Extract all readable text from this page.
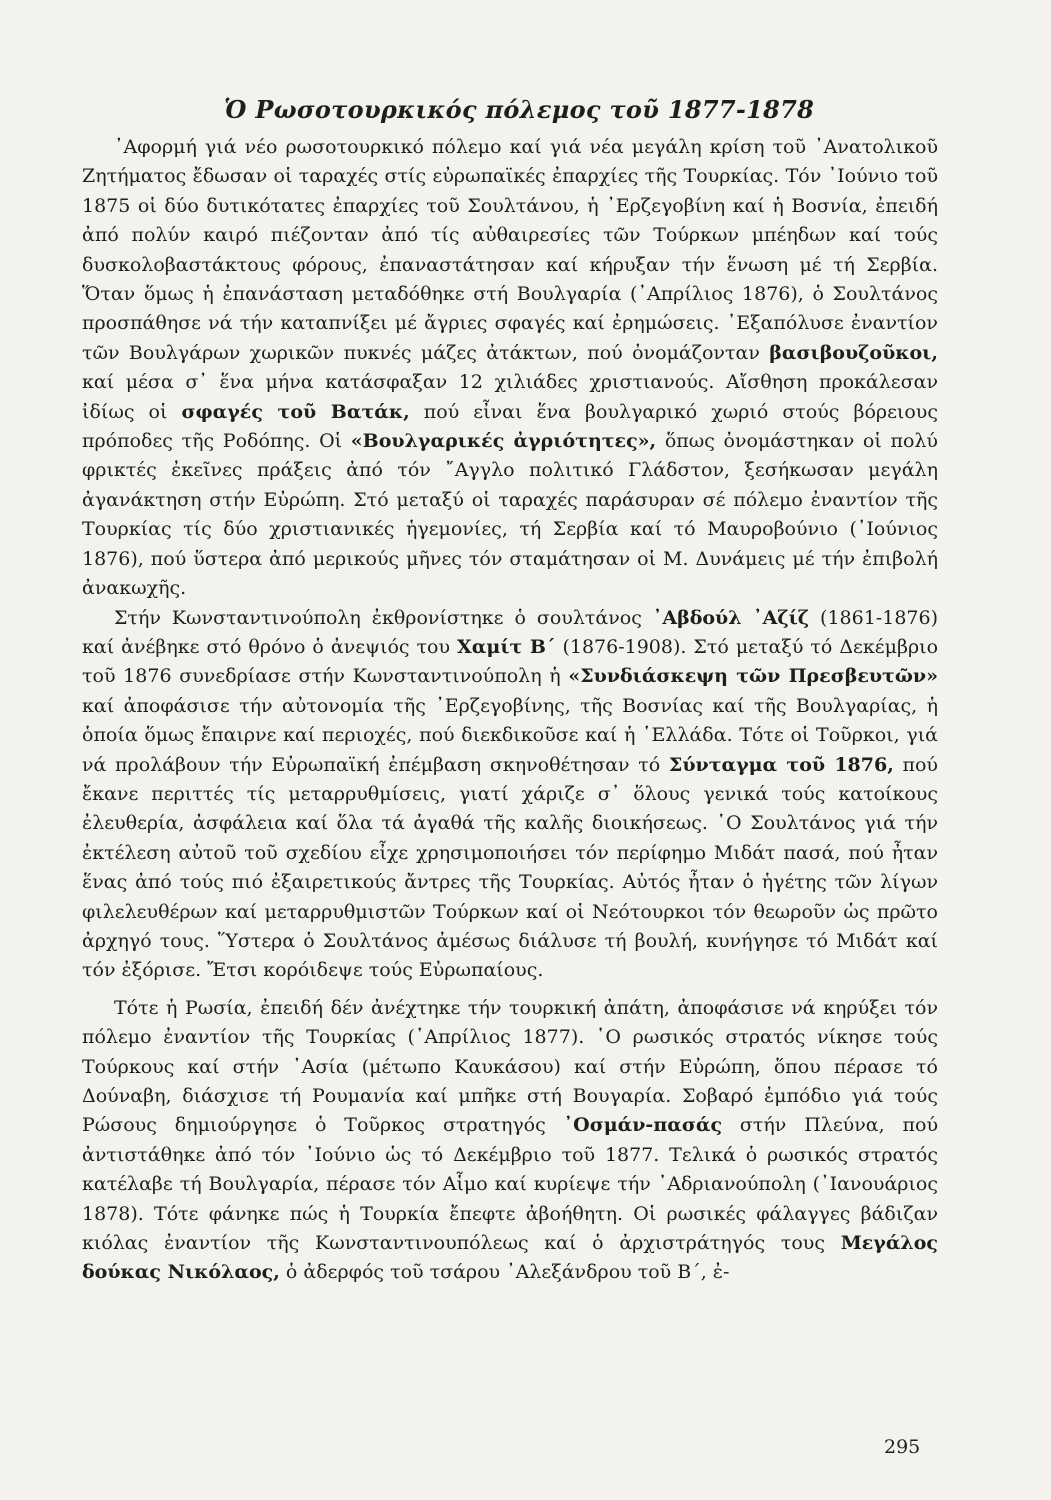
Ὁ Ρωσοτουρκικός πόλεμος τοῦ 1877-1878

᾿Αφορμή γιά νέο ρωσοτουρκικό πόλεμο καί γιά νέα μεγάλη κρίση τοῦ ᾿Ανατολικοῦ Ζητήματος ἔδωσαν οἱ ταραχές στίς εὐρωπαϊκές ἐπαρχίες τῆς Τουρκίας. Τόν ᾿Ιούνιο τοῦ 1875 οἱ δύο δυτικότατες ἐπαρχίες τοῦ Σουλτάνου, ἡ ᾿Ερζεγοβίνη καί ἡ Βοσνία, ἐπειδή ἀπό πολύν καιρό πιέζονταν ἀπό τίς αὐθαιρεσίες τῶν Τούρκων μπέηδων καί τούς δυσκολοβαστάκτους φόρους, ἐπαναστάτησαν καί κήρυξαν τήν ἕνωση μέ τή Σερβία. Ὅταν ὅμως ἡ ἐπανάσταση μεταδόθηκε στή Βουλγαρία (᾿Απρίλιος 1876), ὁ Σουλτάνος προσπάθησε νά τήν καταπνίξει μέ ἄγριες σφαγές καί ἐρημώσεις. ᾿Εξαπόλυσε ἐναντίον τῶν Βουλγάρων χωρικῶν πυκνές μάζες ἀτάκτων, πού ὀνομάζονταν βασιβουζοῦκοι, καί μέσα σ᾿ ἕνα μήνα κατάσφαξαν 12 χιλιάδες χριστιανούς. Αἴσθηση προκάλεσαν ἰδίως οἱ σφαγές τοῦ Βατάκ, πού εἶναι ἕνα βουλγαρικό χωριό στούς βόρειους πρόποδες τῆς Ροδόπης. Οἱ «Βουλγαρικές ἀγριότητες», ὅπως ὀνομάστηκαν οἱ πολύ φρικτές ἐκεῖνες πράξεις ἀπό τόν ῎Αγγλο πολιτικό Γλάδστον, ξεσήκωσαν μεγάλη ἀγανάκτηση στήν Εὐρώπη. Στό μεταξύ οἱ ταραχές παράσυραν σέ πόλεμο ἐναντίον τῆς Τουρκίας τίς δύο χριστιανικές ἡγεμονίες, τή Σερβία καί τό Μαυροβούνιο (᾿Ιούνιος 1876), πού ὕστερα ἀπό μερικούς μῆνες τόν σταμάτησαν οἱ Μ. Δυνάμεις μέ τήν ἐπιβολή ἀνακωχῆς.

Στήν Κωνσταντινούπολη ἐκθρονίστηκε ὁ σουλτάνος ᾿Αβδούλ ᾿Αζίζ (1861-1876) καί ἀνέβηκε στό θρόνο ὁ ἀνεψιός του Χαμίτ Β´ (1876-1908). Στό μεταξύ τό Δεκέμβριο τοῦ 1876 συνεδρίασε στήν Κωνσταντινούπολη ἡ «Συνδιάσκεψη τῶν Πρεσβευτῶν» καί ἀποφάσισε τήν αὐτονομία τῆς ᾿Ερζεγοβίνης, τῆς Βοσνίας καί τῆς Βουλγαρίας, ἡ ὁποία ὅμως ἔπαιρνε καί περιοχές, πού διεκδικοῦσε καί ἡ ῾Ελλάδα. Τότε οἱ Τοῦρκοι, γιά νά προλάβουν τήν Εὐρωπαϊκή ἐπέμβαση σκηνοθέτησαν τό Σύνταγμα τοῦ 1876, πού ἔκανε περιττές τίς μεταρρυθμίσεις, γιατί χάριζε σ᾿ ὅλους γενικά τούς κατοίκους ἐλευθερία, ἀσφάλεια καί ὅλα τά ἀγαθά τῆς καλῆς διοικήσεως. ῾Ο Σουλτάνος γιά τήν ἐκτέλεση αὐτοῦ τοῦ σχεδίου εἶχε χρησιμοποιήσει τόν περίφημο Μιδάτ πασά, πού ἦταν ἕνας ἀπό τούς πιό ἐξαιρετικούς ἄντρες τῆς Τουρκίας. Αὐτός ἦταν ὁ ἡγέτης τῶν λίγων φιλελευθέρων καί μεταρρυθμιστῶν Τούρκων καί οἱ Νεότουρκοι τόν θεωροῦν ὡς πρῶτο ἀρχηγό τους. Ὕστερα ὁ Σουλτάνος ἀμέσως διάλυσε τή βουλή, κυνήγησε τό Μιδάτ καί τόν ἐξόρισε. Ἔτσι κορόιδεψε τούς Εὐρωπαίους.

Τότε ἡ Ρωσία, ἐπειδή δέν ἀνέχτηκε τήν τουρκική ἀπάτη, ἀποφάσισε νά κηρύξει τόν πόλεμο ἐναντίον τῆς Τουρκίας (᾿Απρίλιος 1877). ῾Ο ρωσικός στρατός νίκησε τούς Τούρκους καί στήν ᾿Ασία (μέτωπο Καυκάσου) καί στήν Εὐρώπη, ὅπου πέρασε τό Δούναβη, διάσχισε τή Ρουμανία καί μπῆκε στή Βουγαρία. Σοβαρό ἐμπόδιο γιά τούς Ρώσους δημιούργησε ὁ Τοῦρκος στρατηγός ᾿Οσμάν-πασάς στήν Πλεύνα, πού ἀντιστάθηκε ἀπό τόν ᾿Ιούνιο ὡς τό Δεκέμβριο τοῦ 1877. Τελικά ὁ ρωσικός στρατός κατέλαβε τή Βουλγαρία, πέρασε τόν Αἷμο καί κυρίεψε τήν ᾿Αδριανούπολη (᾿Ιανουάριος 1878). Τότε φάνηκε πώς ἡ Τουρκία ἔπεφτε ἀβοήθητη. Οἱ ρωσικές φάλαγγες βάδιζαν κιόλας ἐναντίον τῆς Κωνσταντινουπόλεως καί ὁ ἀρχιστράτηγός τους Μεγάλος δούκας Νικόλαος, ὁ ἀδερφός τοῦ τσάρου ᾿Αλεξάνδρου τοῦ Β´, ἐ-

295
